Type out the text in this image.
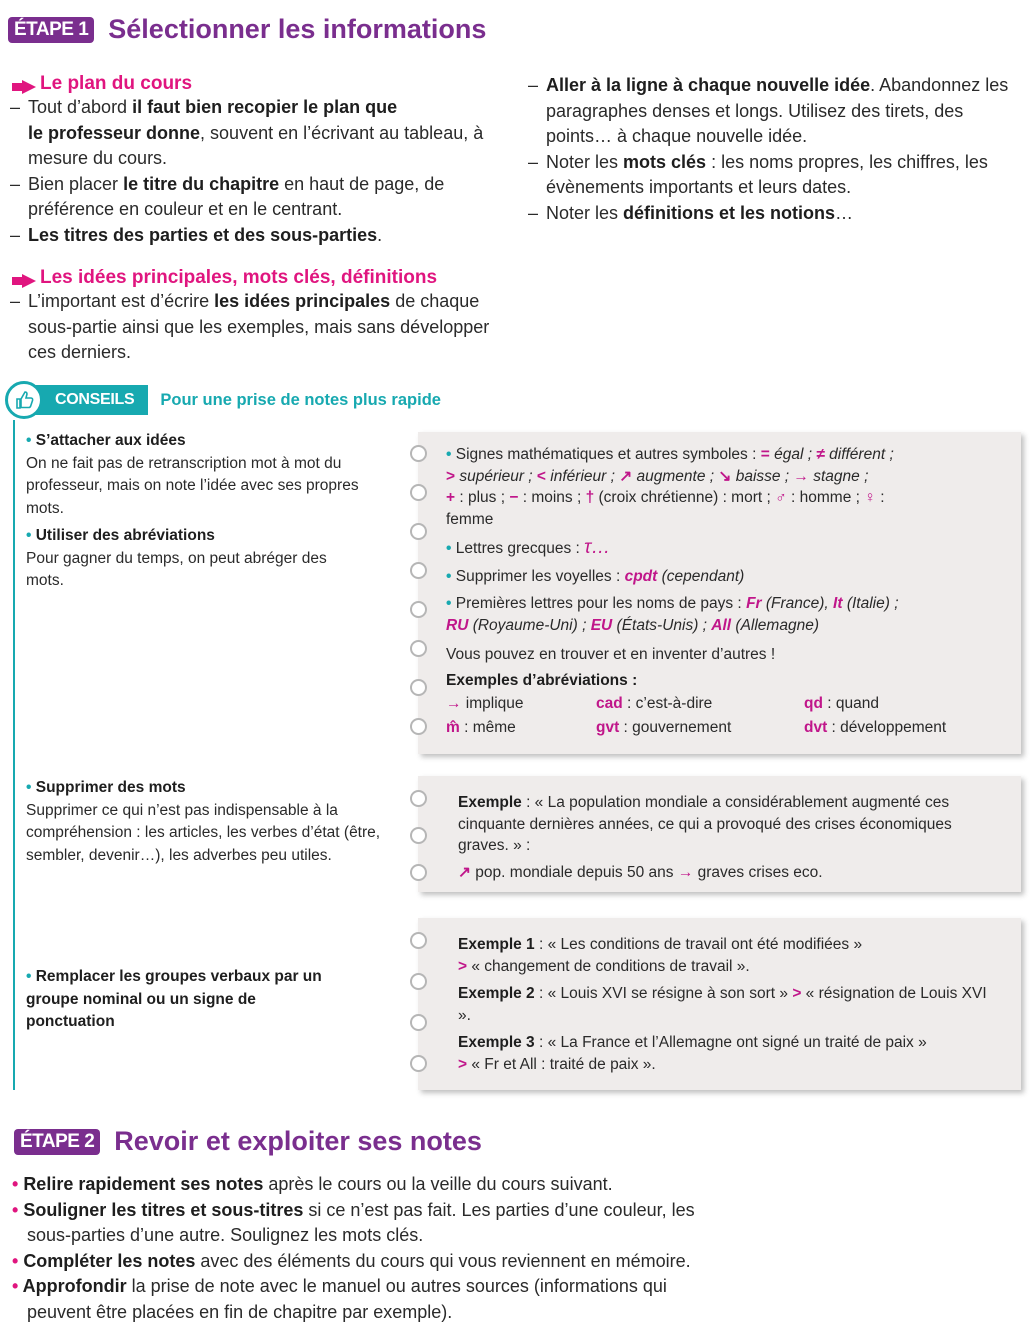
ÉTAPE 1 Sélectionner les informations
Le plan du cours

– Tout d’abord il faut bien recopier le plan que
le professeur donne, souvent en l’écrivant au tableau, à mesure du cours.

– Bien placer le titre du chapitre en haut de page, de préférence en couleur et en le centrant.

– Les titres des parties et des sous-parties.

Les idées principales, mots clés, définitions

– L’important est d’écrire les idées principales de chaque sous-partie ainsi que les exemples, mais sans développer ces derniers.

– Aller à la ligne à chaque nouvelle idée. Abandonnez les paragraphes denses et longs. Utilisez des tirets, des points… à chaque nouvelle idée.

– Noter les mots clés : les noms propres, les chiffres, les évènements importants et leurs dates.

– Noter les définitions et les notions…

CONSEILS	Pour une prise de notes plus rapide
• S’attacher aux idées
On ne fait pas de retranscription mot à mot du professeur, mais on note l’idée avec ses propres mots.
• Utiliser des abréviations
Pour gagner du temps, on peut abréger des mots.
• Supprimer des mots
Supprimer ce qui n’est pas indispensable à la compréhension : les articles, les verbes d’état (être, sembler, devenir…), les adverbes peu utiles.
• Remplacer les groupes verbaux par un groupe nominal ou un signe de ponctuation
• Signes mathématiques et autres symboles : = égal ; ≠ différent ;
> supérieur ; < inférieur ; ↗ augmente ; ↘ baisse ; → stagne ;
+ : plus ; − : moins ; † (croix chrétienne) : mort ; ♂ : homme ; ♀ :
femme
• Lettres grecques : τ…
• Supprimer les voyelles : cpdt (cependant)
• Premières lettres pour les noms de pays : Fr (France), It (Italie) ;
RU (Royaume-Uni) ; EU (États-Unis) ; All (Allemagne)
Vous pouvez en trouver et en inventer d’autres !
Exemples d’abréviations :
→ implique	cad : c’est-à-dire	qd : quand
m̂ : même	gvt : gouvernement	dvt : développement
Exemple : « La population mondiale a considérablement augmenté ces cinquante dernières années, ce qui a provoqué des crises économiques graves. » :
↗ pop. mondiale depuis 50 ans → graves crises eco.
Exemple 1 : « Les conditions de travail ont été modifiées »
> « changement de conditions de travail ».
Exemple 2 : « Louis XVI se résigne à son sort » > « résignation de Louis XVI ».
Exemple 3 : « La France et l’Allemagne ont signé un traité de paix »
> « Fr et All : traité de paix ».
ÉTAPE 2 Revoir et exploiter ses notes

• Relire rapidement ses notes après le cours ou la veille du cours suivant.

• Souligner les titres et sous-titres si ce n’est pas fait. Les parties d’une couleur, les sous-parties d’une autre. Soulignez les mots clés.

• Compléter les notes avec des éléments du cours qui vous reviennent en mémoire.

• Approfondir la prise de note avec le manuel ou autres sources (informations qui peuvent être placées en fin de chapitre par exemple).
